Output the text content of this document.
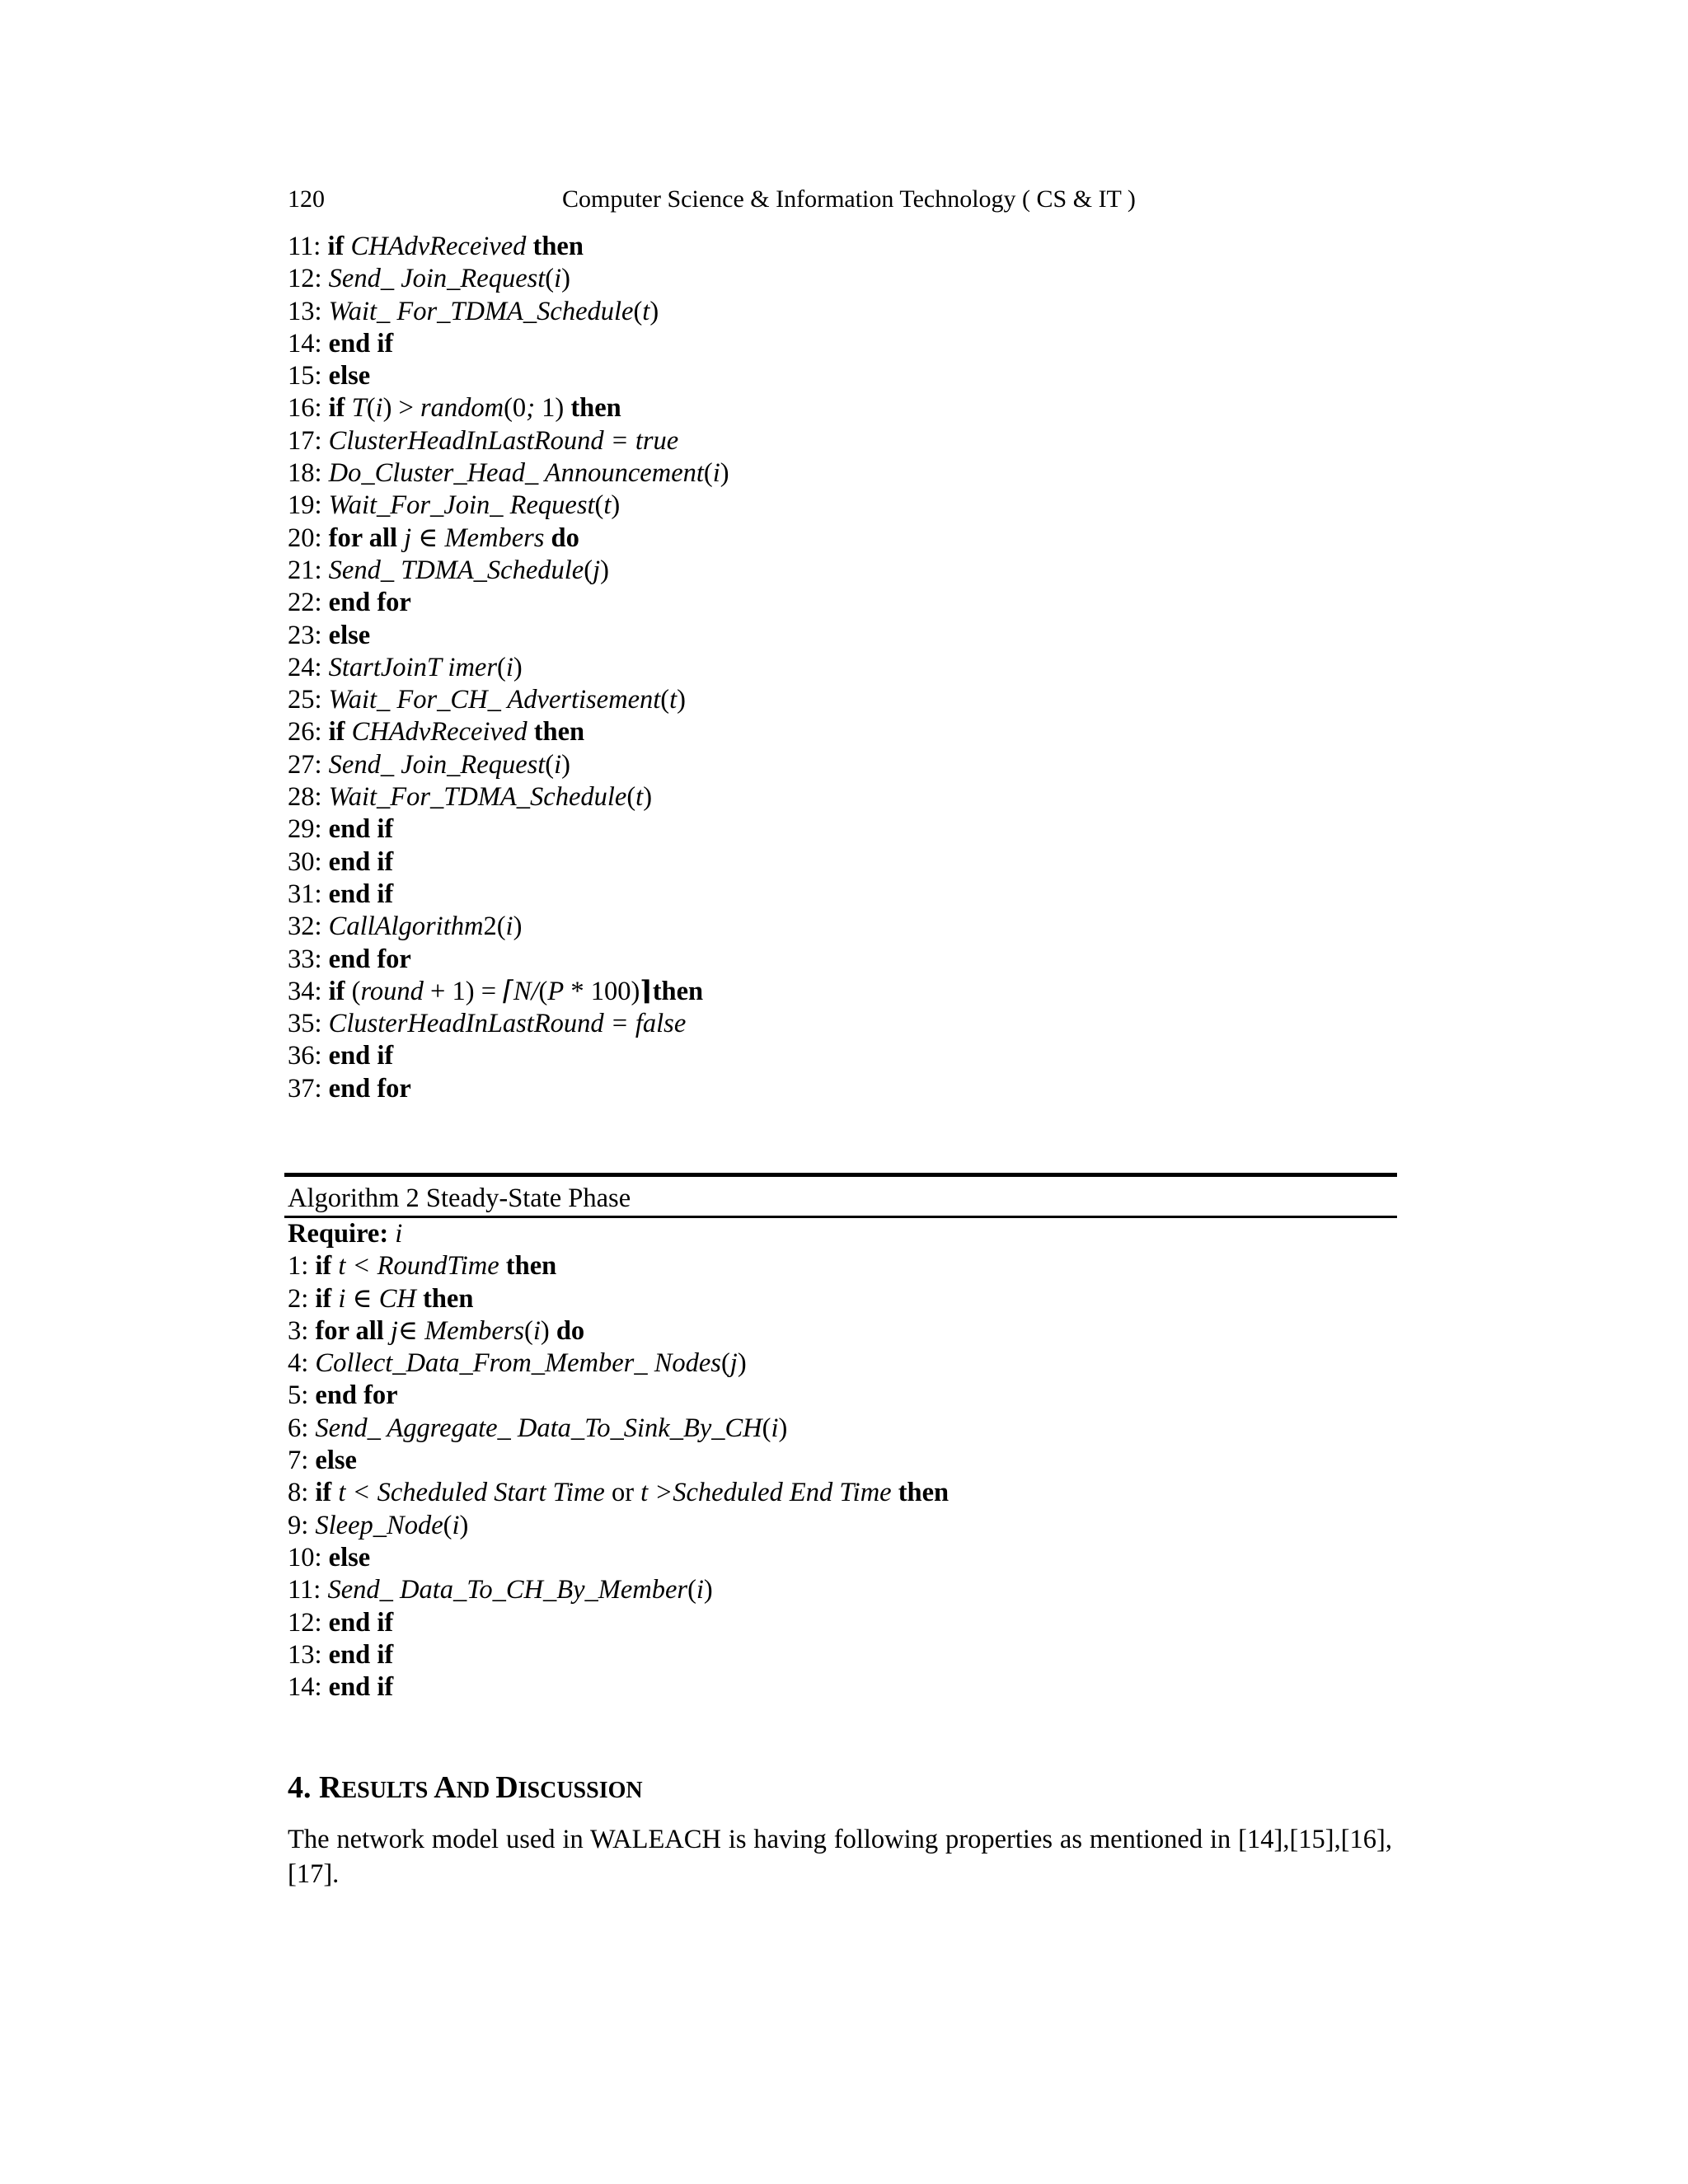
120	Computer Science & Information Technology ( CS & IT )
11: if CHAdvReceived then
12: Send_ Join_Request(i)
13: Wait_ For_TDMA_Schedule(t)
14: end if
15: else
16: if T(i) > random(0; 1) then
17: ClusterHeadInLastRound = true
18: Do_Cluster_Head_ Announcement(i)
19: Wait_For_Join_ Request(t)
20: for all j ∈ Members do
21: Send_ TDMA_Schedule(j)
22: end for
23: else
24: StartJoinT imer(i)
25: Wait_ For_CH_ Advertisement(t)
26: if CHAdvReceived then
27: Send_ Join_Request(i)
28: Wait_For_TDMA_Schedule(t)
29: end if
30: end if
31: end if
32: CallAlgorithm2(i)
33: end for
34: if (round + 1) = ⌈N/(P * 100)⌉then
35: ClusterHeadInLastRound = false
36: end if
37: end for
Algorithm 2 Steady-State Phase
Require: i
1: if t < RoundTime then
2: if i ∈ CH then
3: for all j∈ Members(i) do
4: Collect_Data_From_Member_ Nodes(j)
5: end for
6: Send_ Aggregate_ Data_To_Sink_By_CH(i)
7: else
8: if t < Scheduled Start Time or t >Scheduled End Time then
9: Sleep_Node(i)
10: else
11: Send_ Data_To_CH_By_Member(i)
12: end if
13: end if
14: end if
4. RESULTS AND DISCUSSION
The network model used in WALEACH is having following properties as mentioned in [14],[15],[16],[17].
